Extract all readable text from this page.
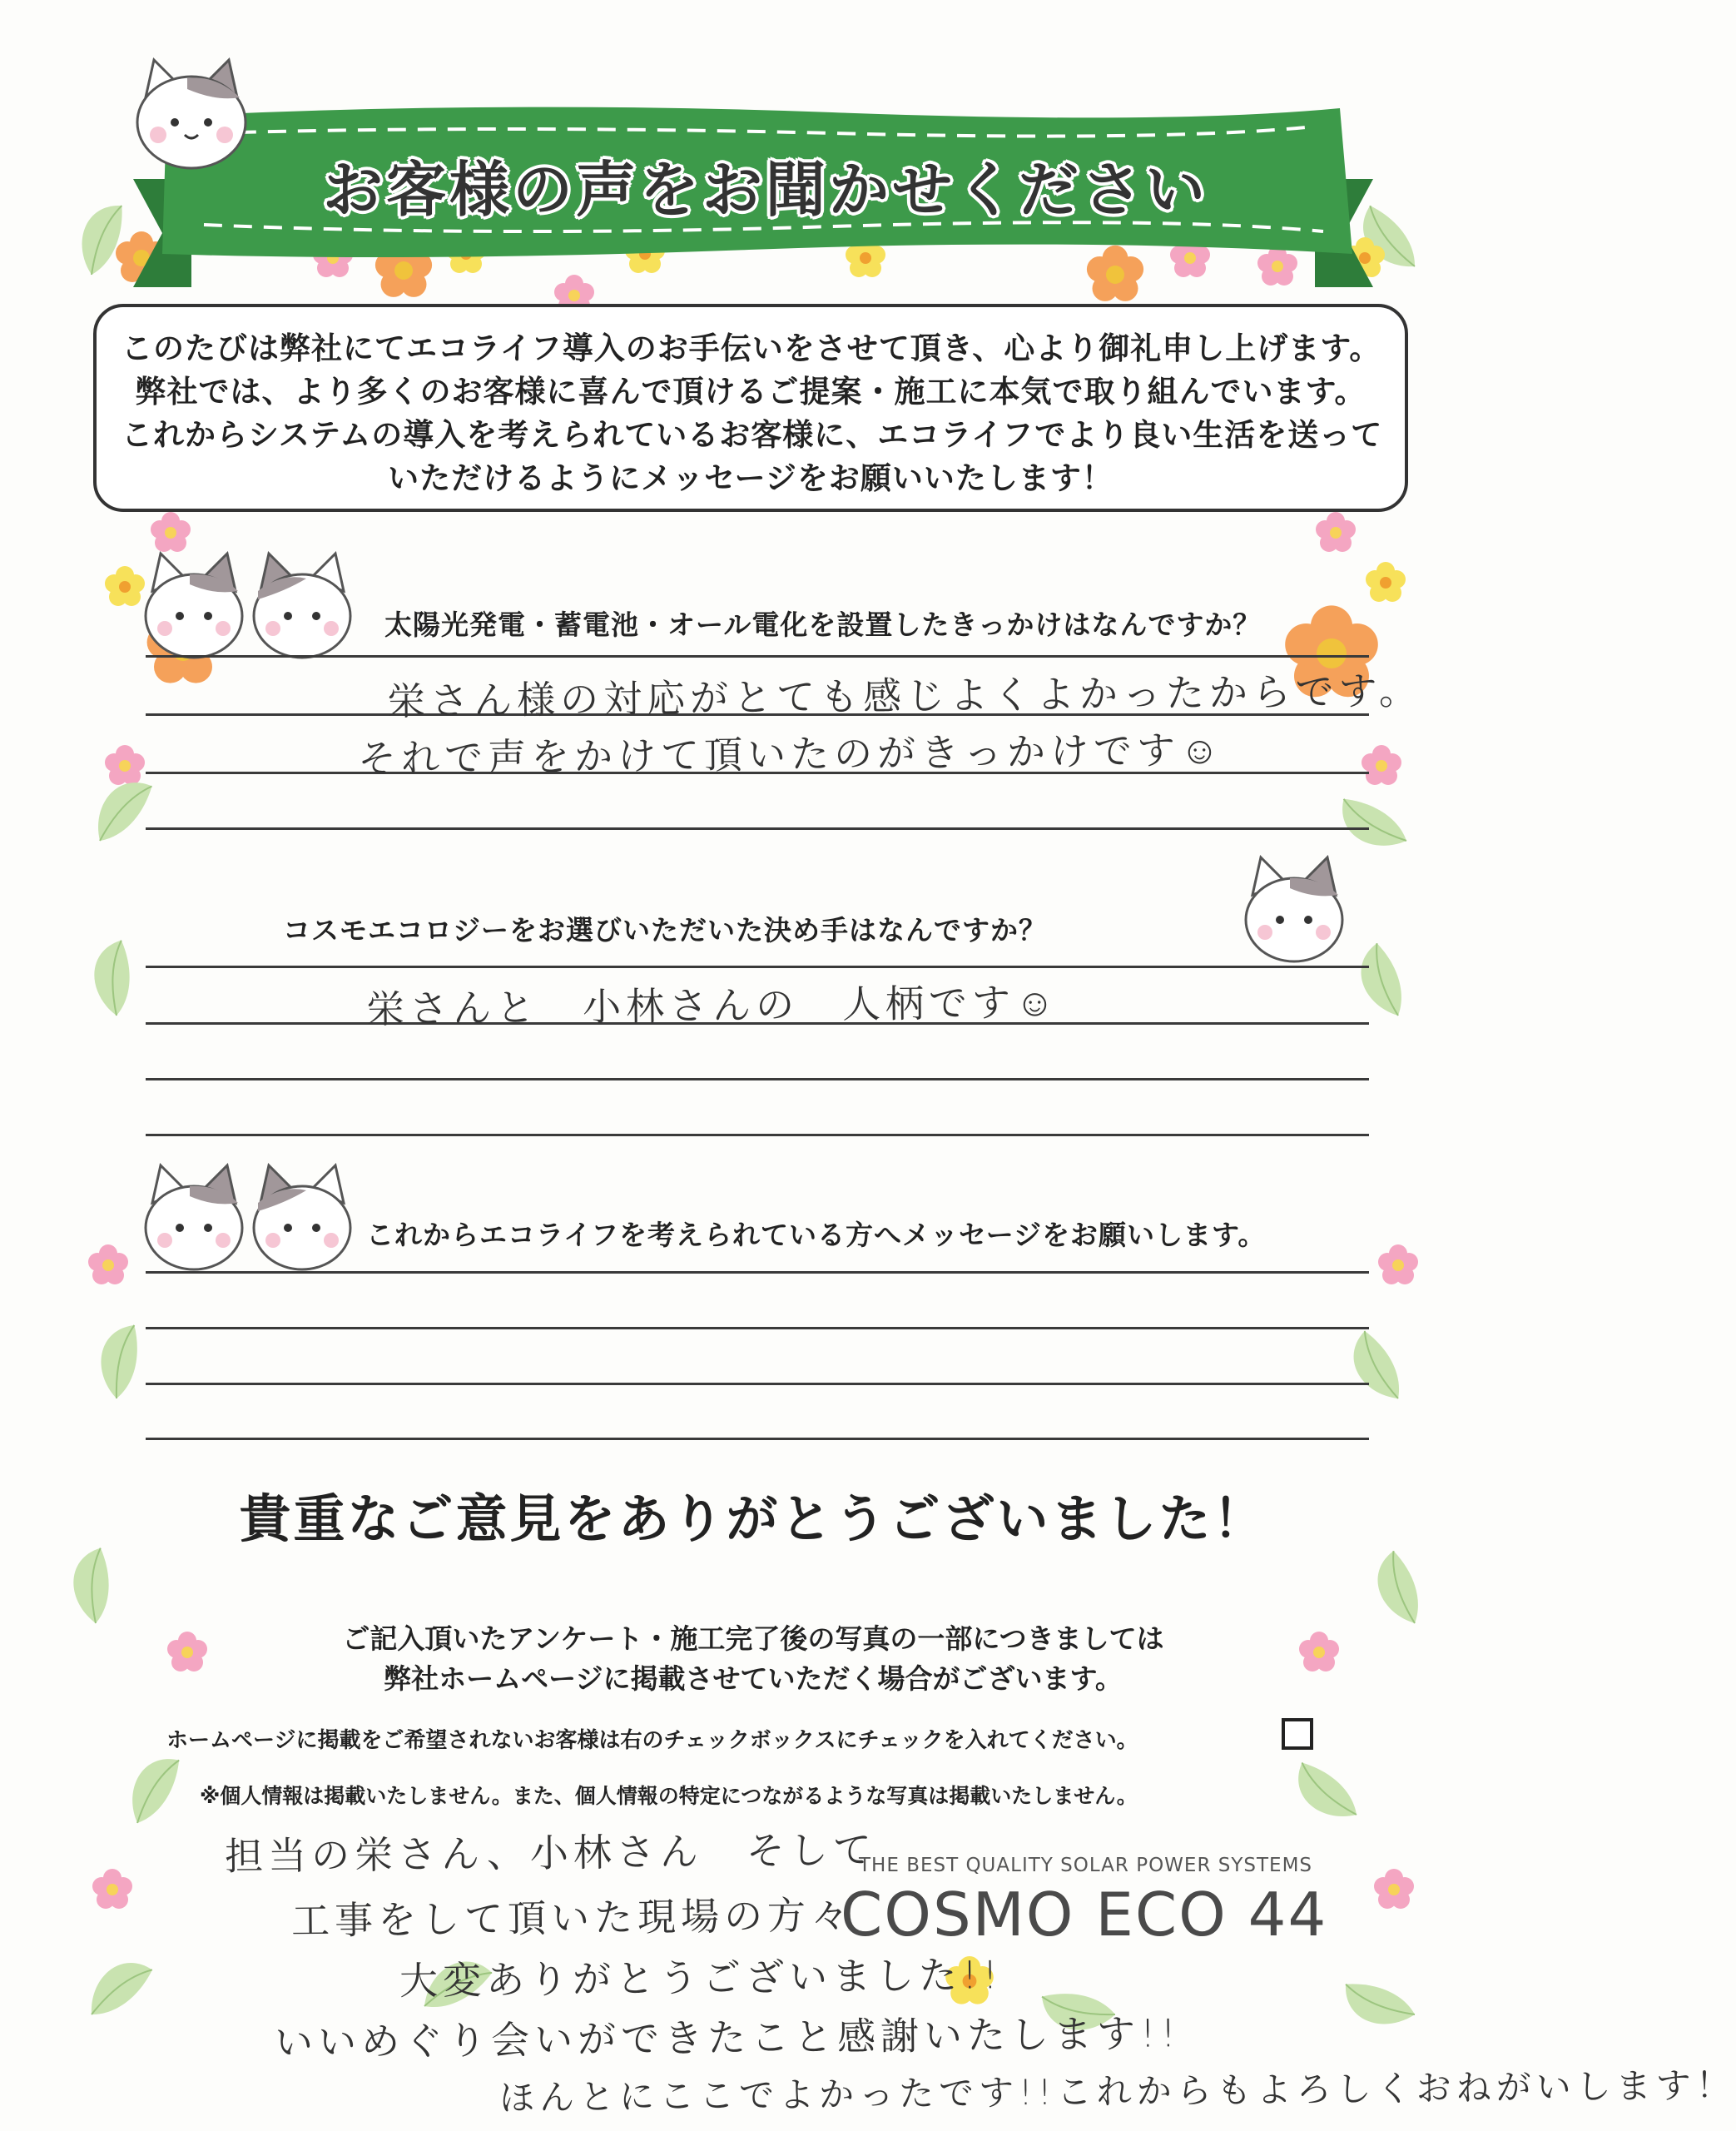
お客様の声をお聞かせください

このたびは弊社にてエコライフ導入のお手伝いをさせて頂き、心より御礼申し上げます。

弊社では、より多くのお客様に喜んで頂けるご提案・施工に本気で取り組んでいます。

これからシステムの導入を考えられているお客様に、エコライフでより良い生活を送って

いただけるようにメッセージをお願いいたします！

太陽光発電・蓄電池・オール電化を設置したきっかけはなんですか？
栄さん様の対応がとても感じよくよかったからです。
それで声をかけて頂いたのがきっかけです☺
コスモエコロジーをお選びいただいた決め手はなんですか？
栄さんと　小林さんの　人柄です☺
これからエコライフを考えられている方へメッセージをお願いします。
貴重なご意見をありがとうございました！

ご記入頂いたアンケート・施工完了後の写真の一部につきましては

弊社ホームページに掲載させていただく場合がございます。

ホームページに掲載をご希望されないお客様は右のチェックボックスにチェックを入れてください。
※個人情報は掲載いたしません。また、個人情報の特定につながるような写真は掲載いたしません。
担当の栄さん、小林さん　そして
工事をして頂いた現場の方々
大変ありがとうございました!!
いいめぐり会いができたこと感謝いたします!!
ほんとにここでよかったです!!これからもよろしくおねがいします！
THE BEST QUALITY SOLAR POWER SYSTEMS
COSMO ECO 44
